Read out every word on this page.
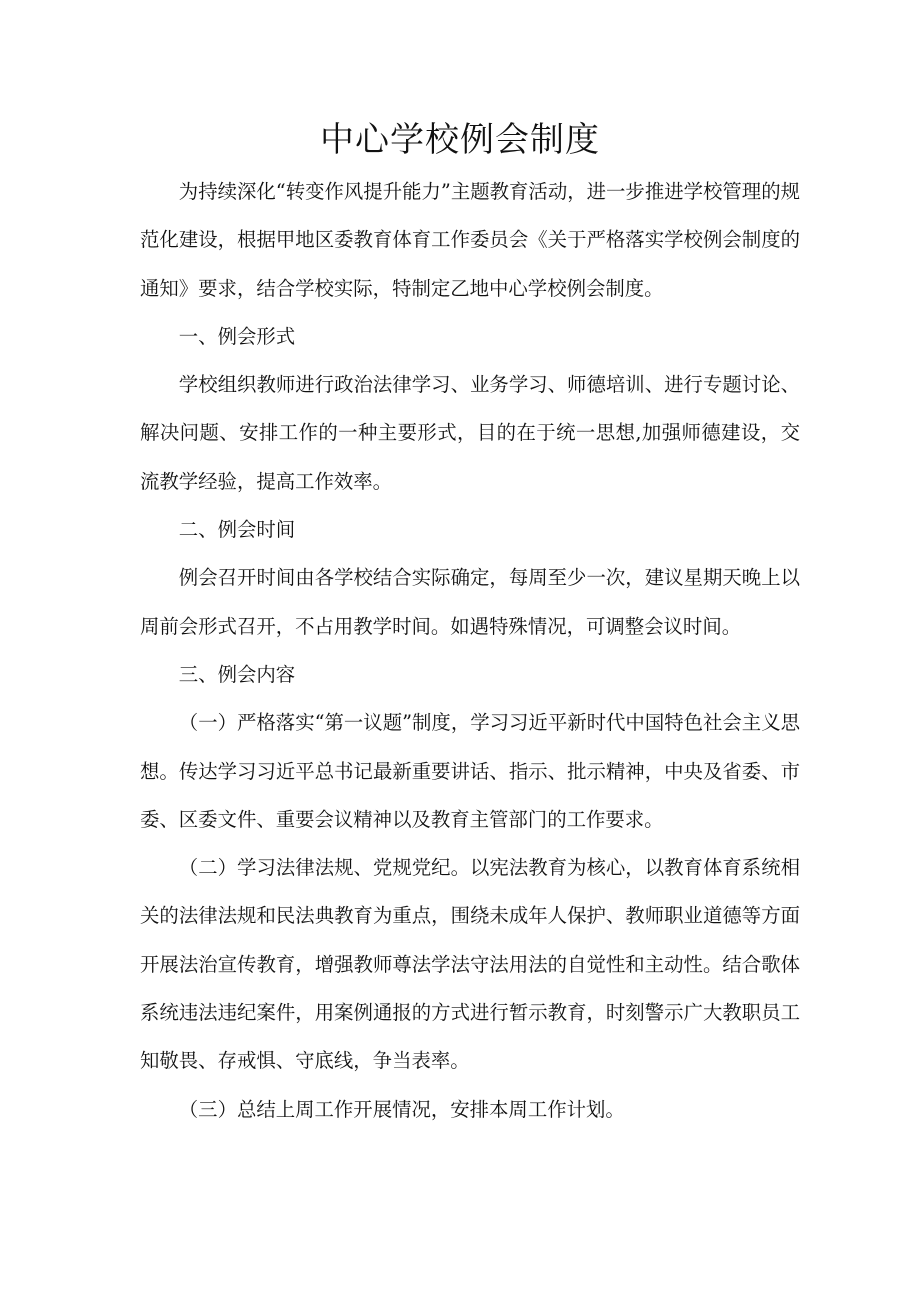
中心学校例会制度

为持续深化“转变作风提升能力”主题教育活动，进一步推进学校管理的规范化建设，根据甲地区委教育体育工作委员会《关于严格落实学校例会制度的通知》要求，结合学校实际，特制定乙地中心学校例会制度。

一、例会形式

学校组织教师进行政治法律学习、业务学习、师德培训、进行专题讨论、解决问题、安排工作的一种主要形式，目的在于统一思想,加强师德建设，交流教学经验，提高工作效率。

二、例会时间

例会召开时间由各学校结合实际确定，每周至少一次，建议星期天晚上以周前会形式召开，不占用教学时间。如遇特殊情况，可调整会议时间。

三、例会内容

（一）严格落实“第一议题”制度，学习习近平新时代中国特色社会主义思想。传达学习习近平总书记最新重要讲话、指示、批示精神，中央及省委、市委、区委文件、重要会议精神以及教育主管部门的工作要求。

（二）学习法律法规、党规党纪。以宪法教育为核心，以教育体育系统相关的法律法规和民法典教育为重点，围绕未成年人保护、教师职业道德等方面开展法治宣传教育，增强教师尊法学法守法用法的自觉性和主动性。结合歌体系统违法违纪案件，用案例通报的方式进行暂示教育，时刻警示广大教职员工知敬畏、存戒惧、守底线，争当表率。

（三）总结上周工作开展情况，安排本周工作计划。
